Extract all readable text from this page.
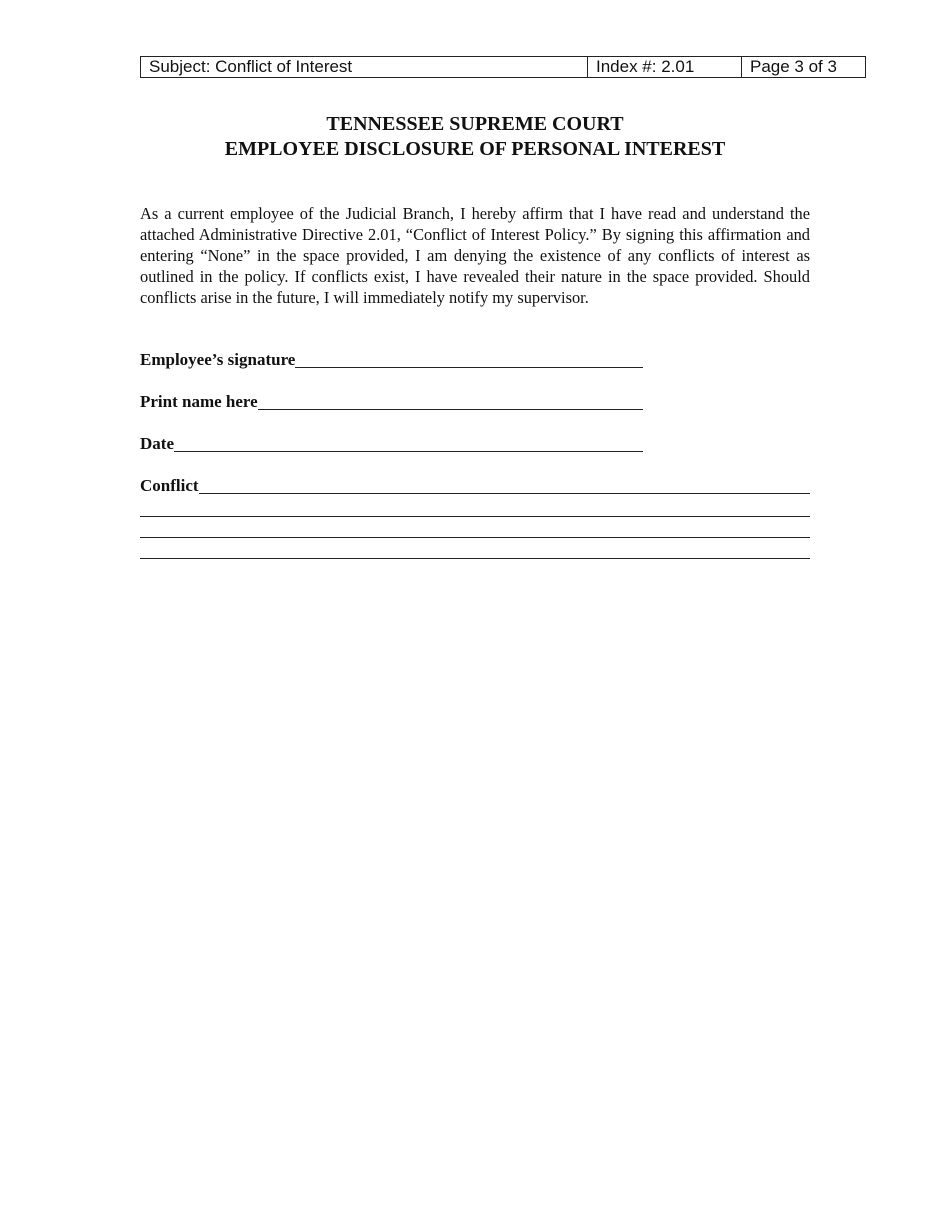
Subject: Conflict of Interest	Index #: 2.01	Page 3 of 3
TENNESSEE SUPREME COURT
EMPLOYEE DISCLOSURE OF PERSONAL INTEREST
As a current employee of the Judicial Branch, I hereby affirm that I have read and understand the attached Administrative Directive 2.01, “Conflict of Interest Policy.” By signing this affirmation and entering “None” in the space provided, I am denying the existence of any conflicts of interest as outlined in the policy. If conflicts exist, I have revealed their nature in the space provided. Should conflicts arise in the future, I will immediately notify my supervisor.
Employee’s signature
Print name here
Date
Conflict
